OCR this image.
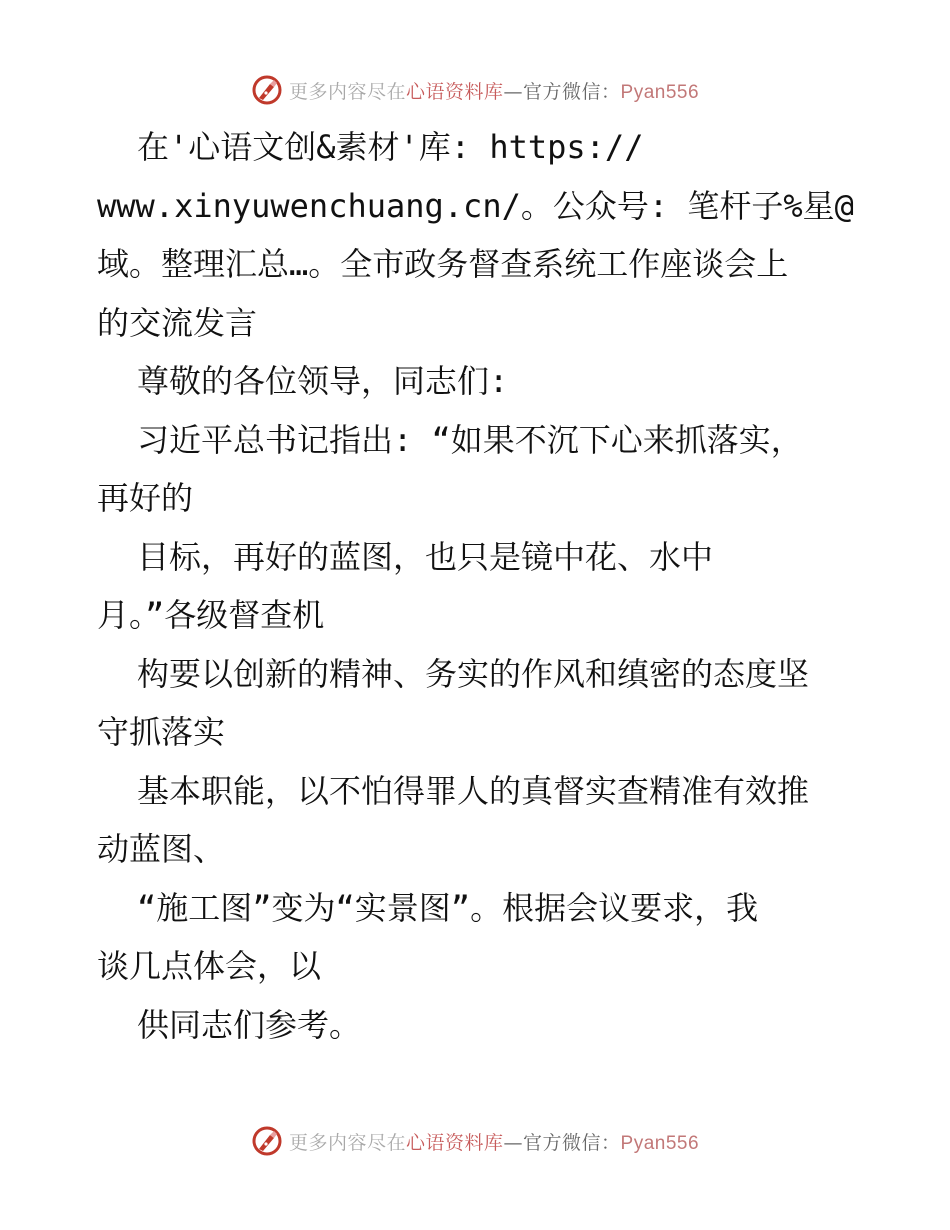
更多内容尽在心语资料库—官方微信：Pyan556
在'心语文创&素材'库: https://
www.xinyuwenchuang.cn/。公众号: 笔杆子%星@
域。整理汇总…。全市政务督查系统工作座谈会上
的交流发言
尊敬的各位领导，同志们:
习近平总书记指出: “如果不沉下心来抓落实，
再好的
目标，再好的蓝图，也只是镜中花、水中
月。”各级督查机
构要以创新的精神、务实的作风和缜密的态度坚
守抓落实
基本职能，以不怕得罪人的真督实查精准有效推
动蓝图、
“施工图”变为“实景图”。根据会议要求，我
谈几点体会，以
供同志们参考。
更多内容尽在心语资料库—官方微信：Pyan556
